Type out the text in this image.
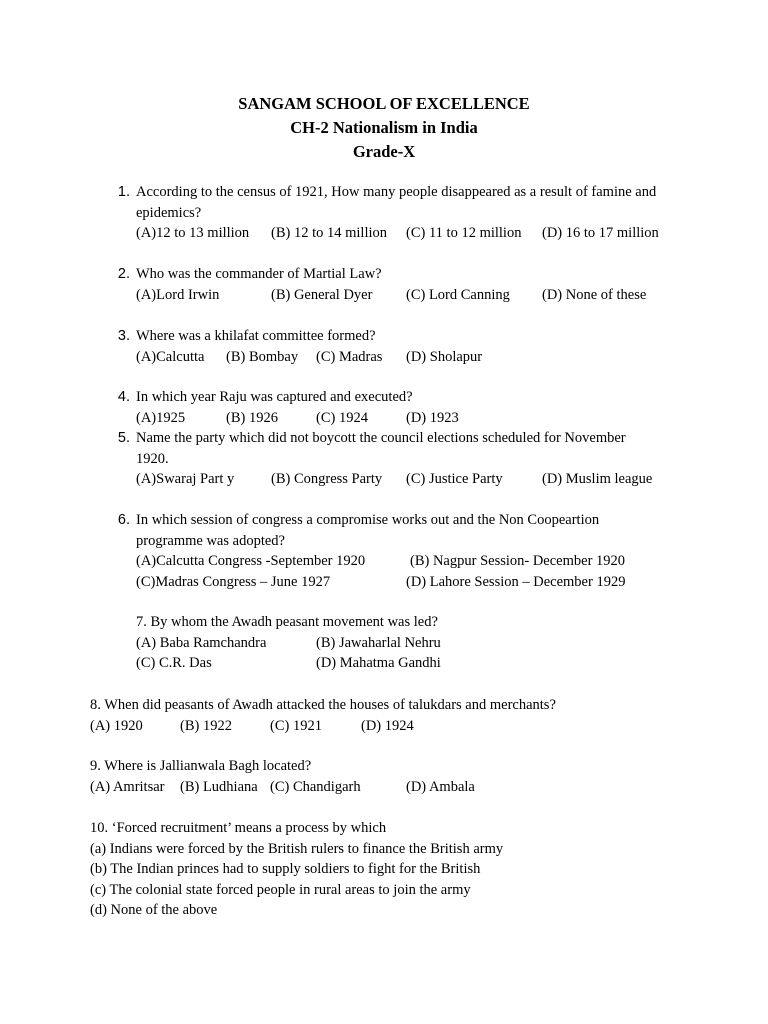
SANGAM SCHOOL OF EXCELLENCE
CH-2 Nationalism in India
Grade-X
1. According to the census of 1921, How many people disappeared as a result of famine and
epidemics?
(A)12 to 13 million (B) 12 to 14 million (C) 11 to 12 million (D) 16 to 17 million
2. Who was the commander of Martial Law?
(A)Lord Irwin	(B) General Dyer (C) Lord Canning (D) None of these
3. Where was a khilafat committee formed?
(A)Calcutta (B) Bombay (C) Madras (D) Sholapur
4. In which year Raju was captured and executed?
(A)1925	(B) 1926	(C) 1924	(D) 1923
5. Name the party which did not boycott the council elections scheduled for November
1920.
(A)Swaraj Part y	(B) Congress Party (C) Justice Party	(D) Muslim league
6. In which session of congress a compromise works out and the Non Coopeartion
programme was adopted?
(A)Calcutta Congress -September 1920	(B) Nagpur Session- December 1920
(C)Madras Congress – June 1927	(D) Lahore Session – December 1929
7. By whom the Awadh peasant movement was led?
(A) Baba Ramchandra	(B) Jawaharlal Nehru
(C) C.R. Das	(D) Mahatma Gandhi
8. When did peasants of Awadh attacked the houses of talukdars and merchants?
(A) 1920	(B) 1922	(C) 1921	(D) 1924
9. Where is Jallianwala Bagh located?
(A) Amritsar (B) Ludhiana (C) Chandigarh	(D) Ambala
10. ‘Forced recruitment’ means a process by which
(a) Indians were forced by the British rulers to finance the British army
(b) The Indian princes had to supply soldiers to fight for the British
(c) The colonial state forced people in rural areas to join the army
(d) None of the above
